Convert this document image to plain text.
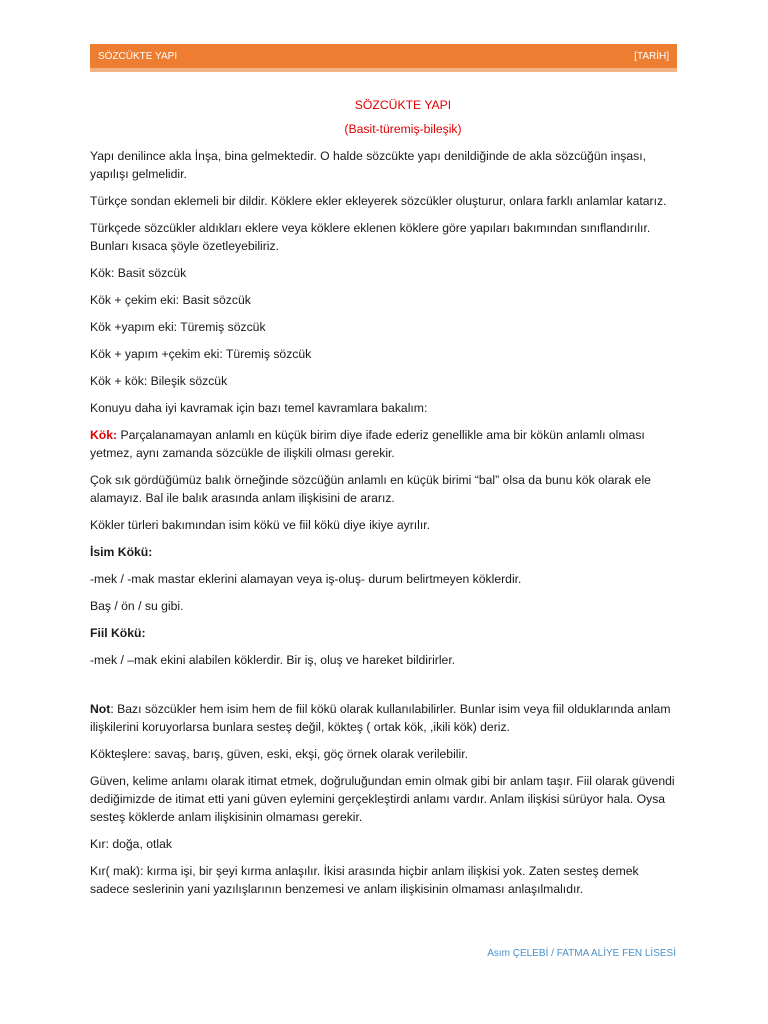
SÖZCÜKTE YAPI	[TARİH]

SÖZCÜKTE YAPI

(Basit-türemiş-bileşik)

Yapı denilince akla İnşa, bina gelmektedir. O halde sözcükte yapı denildiğinde de akla sözcüğün inşası, yapılışı gelmelidir.

Türkçe sondan eklemeli bir dildir. Köklere ekler ekleyerek sözcükler oluşturur, onlara farklı anlamlar katarız.

Türkçede sözcükler aldıkları eklere veya köklere eklenen köklere göre yapıları bakımından sınıflandırılır. Bunları kısaca şöyle özetleyebiliriz.

Kök: Basit sözcük

Kök + çekim eki: Basit sözcük

Kök +yapım eki: Türemiş sözcük

Kök + yapım +çekim eki: Türemiş sözcük

Kök + kök: Bileşik sözcük

Konuyu daha iyi kavramak için bazı temel kavramlara bakalım:

Kök: Parçalanamayan anlamlı en küçük birim diye ifade ederiz genellikle ama bir kökün anlamlı olması yetmez, aynı zamanda sözcükle de ilişkili olması gerekir.

Çok sık gördüğümüz balık örneğinde sözcüğün anlamlı en küçük birimi “bal” olsa da bunu kök olarak ele alamayız. Bal ile balık arasında anlam ilişkisini de ararız.

Kökler türleri bakımından isim kökü ve fiil kökü diye ikiye ayrılır.

İsim Kökü:

-mek / -mak mastar eklerini alamayan veya iş-oluş- durum belirtmeyen köklerdir.

Baş / ön / su gibi.

Fiil Kökü:

-mek / –mak ekini alabilen köklerdir. Bir iş, oluş ve hareket bildirirler.

Not: Bazı sözcükler hem isim hem de fiil kökü olarak kullanılabilirler. Bunlar isim veya fiil olduklarında anlam ilişkilerini koruyorlarsa bunlara sesteş değil, kökteş ( ortak kök, ,ikili kök) deriz.

Kökteşlere: savaş, barış, güven, eski, ekşi, göç örnek olarak verilebilir.

Güven, kelime anlamı olarak itimat etmek, doğruluğundan emin olmak gibi bir anlam taşır. Fiil olarak güvendi dediğimizde de itimat etti yani güven eylemini gerçekleştirdi anlamı vardır. Anlam ilişkisi sürüyor hala. Oysa sesteş köklerde anlam ilişkisinin olmaması gerekir.

Kır: doğa, otlak

Kır( mak): kırma işi, bir şeyi kırma anlaşılır. İkisi arasında hiçbir anlam ilişkisi yok. Zaten sesteş demek sadece seslerinin yani yazılışlarının benzemesi ve anlam ilişkisinin olmaması anlaşılmalıdır.

Asım ÇELEBİ / FATMA ALİYE FEN LİSESİ
